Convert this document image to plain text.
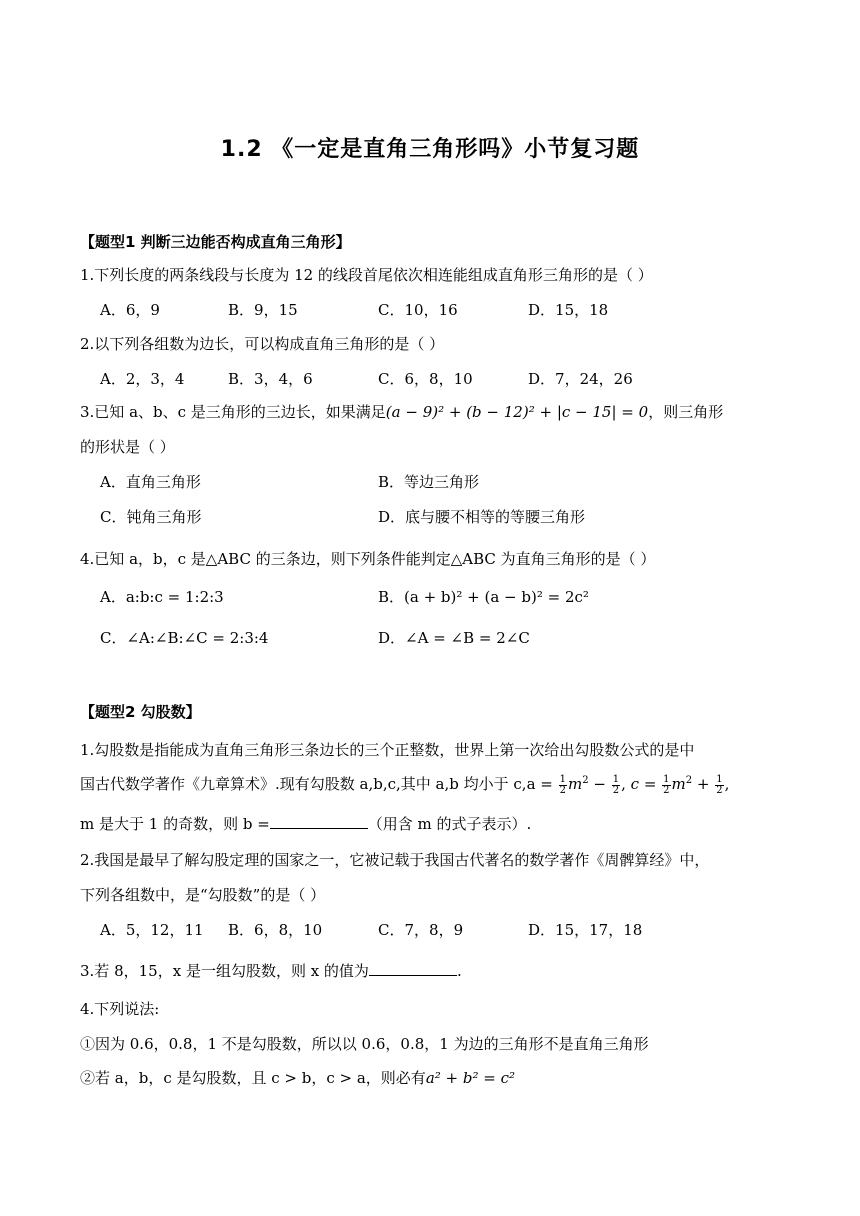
1.2 《一定是直角三角形吗》小节复习题
【题型1 判断三边能否构成直角三角形】
1.下列长度的两条线段与长度为 12 的线段首尾依次相连能组成直角形三角形的是（ ）
A．6，9	B．9，15	C．10，16	D．15，18
2.以下列各组数为边长，可以构成直角三角形的是（ ）
A．2，3，4	B．3，4，6	C．6，8，10	D．7，24，26
3.已知 a、b、c 是三角形的三边长，如果满足(a − 9)² + (b − 12)² + |c − 15| = 0，则三角形
的形状是（ ）
A．直角三角形	B．等边三角形
C．钝角三角形	D．底与腰不相等的等腰三角形
4.已知 a，b，c 是△ABC 的三条边，则下列条件能判定△ABC 为直角三角形的是（ ）
A．a:b:c = 1:2:3	B．(a + b)² + (a − b)² = 2c²
C．∠A:∠B:∠C = 2:3:4	D．∠A = ∠B = 2∠C
【题型2 勾股数】
1.勾股数是指能成为直角三角形三条边长的三个正整数，世界上第一次给出勾股数公式的是中
国古代数学著作《九章算术》.现有勾股数 a,b,c,其中 a,b 均小于 $c,a = \frac{1}{2} m^2 - \frac{1}{2}$ , $c = \frac{1}{2} m^2 + \frac{1}{2}$ ,
m 是大于 1 的奇数，则 b =	（用含 m 的式子表示）.
2.我国是最早了解勾股定理的国家之一，它被记载于我国古代著名的数学著作《周髀算经》中，
下列各组数中，是“勾股数”的是（ ）
A．5，12，11 B．6，8，10	C．7，8，9	D．15，17，18
3.若 8，15，x 是一组勾股数，则 x 的值为	.
4.下列说法:
①因为 0.6，0.8，1 不是勾股数，所以以 0.6，0.8，1 为边的三角形不是直角三角形
②若 a，b，c 是勾股数，且 c > b，c > a，则必有a² + b² = c²
